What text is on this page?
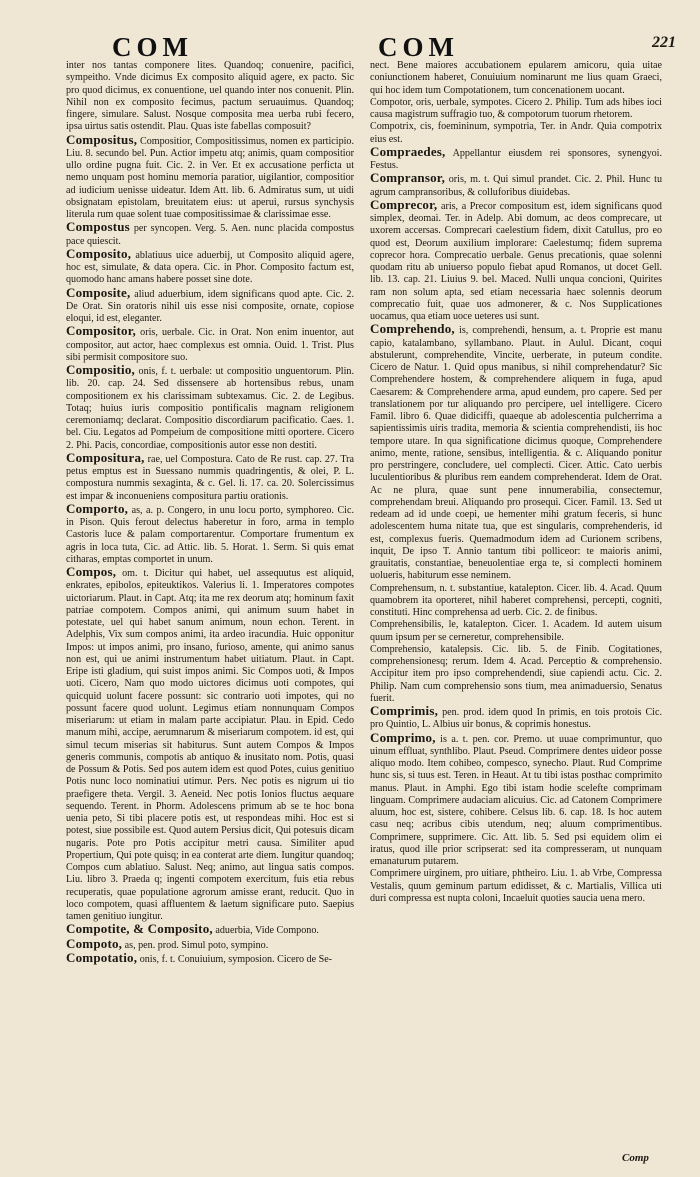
COM	COM	221

inter nos tantas componere lites. Quandoq; conuenire, pacifici, sympeitho. Vnde dicimus Ex composito aliquid agere, ex pacto. Sic pro quod dicimus, ex conuentione, uel quando inter nos conuenit. Plin. Nihil non ex composito fecimus, pactum seruauimus. Quandoq; fingere, simulare. Salust. Nosque composita mea uerba rubi fecero, ipsa uirtus satis ostendit. Plau. Quas iste fabellas composuit?

Compositus, Compositior, Compositissimus, nomen ex participio. Liu. 8. secundo bel. Pun. Actior impetu atq; animis, quam compositior ullo ordine pugna fuit. Cic. 2. in Ver. Et ex accusatione perficta ut nemo unquam post hominu memoria paratior, uigilantior, compositior ad iudicium uenisse uideatur. Idem Att. lib. 6. Admiratus sum, ut uidi obsignatam epistolam, breuitatem eius: ut aperui, rursus synchysis literula rum quae solent tuae compositissimae & clarissimae esse.

Compostus per syncopen. Verg. 5. Aen. nunc placida compostus pace quiescit.

Composito, ablatiuus uice aduerbij, ut Composito aliquid agere, hoc est, simulate, & data opera. Cic. in Phor. Composito factum est, quomodo hanc amans habere posset sine dote.

Composite, aliud aduerbium, idem significans quod apte. Cic. 2. De Orat. Sin oratoris nihil uis esse nisi composite, ornate, copiose eloqui, id est, eleganter.

Compositor, oris, uerbale. Cic. in Orat. Non enim inuentor, aut compositor, aut actor, haec complexus est omnia. Ouid. 1. Trist. Plus sibi permisit compositore suo.

Compositio, onis, f. t. uerbale: ut compositio unguentorum. Plin. lib. 20. cap. 24. Sed dissensere ab hortensibus rebus, unam compositionem ex his clarissimam subtexamus. Cic. 2. de Legibus. Totaq; huius iuris compositio pontificalis magnam religionem ceremoniamq; declarat. Compositio discordiarum pacificatio. Caes. 1. bel. Ciu. Legatos ad Pompeium de compositione mitti oportere. Cicero 2. Phi. Pacis, concordiae, compositionis autor esse non destiti.

Compositura, rae, uel Compostura. Cato de Re rust. cap. 27. Tra petus emptus est in Suessano nummis quadringentis, & olei, P. L. compostura nummis sexaginta, & c. Gel. li. 17. ca. 20. Solercissimus est impar & inconueniens compositura partiu orationis.

Comporto, as, a. p. Congero, in unu locu porto, symphoreo. Cic. in Pison. Quis ferout delectus haberetur in foro, arma in templo Castoris luce & palam comportarentur. Comportare frumentum ex agris in loca tuta, Cic. ad Attic. lib. 5. Horat. 1. Serm. Si quis emat citharas, emptas comportet in unum.

Compos, om. t. Dicitur qui habet, uel assequutus est aliquid, enkrates, epibolos, epiteuktikos. Valerius li. 1. Imperatores compotes uictoriarum. Plaut. in Capt. Atq; ita me rex deorum atq; hominum faxit patriae compotem. Compos animi, qui animum suum habet in potestate, uel qui habet sanum animum, noun echon. Terent. in Adelphis, Vix sum compos animi, ita ardeo iracundia. Huic opponitur Impos: ut impos animi, pro insano, furioso, amente, qui animo sanus non est, qui ue animi instrumentum habet uitiatum. Plaut. in Capt. Eripe isti gladium, qui suist impos animi. Sic Compos uoti, & Impos uoti. Cicero, Nam quo modo uictores dicimus uoti compotes, qui quicquid uolunt facere possunt: sic contrario uoti impotes, qui no possunt facere quod uolunt. Legimus etiam nonnunquam Compos miseriarum: ut etiam in malam parte accipiatur. Plau. in Epid. Cedo manum mihi, accipe, aerumnarum & miseriarum compotem. id est, qui simul tecum miserias sit habiturus. Sunt autem Compos & Impos generis communis, compotis ab antiquo & inusitato nom. Potis, quasi de Possum & Potis. Sed pos autem idem est quod Potes, cuius genitiuo Potis nunc loco nominatiui utimur. Pers. Nec potis es nigrum ui tio praefigere theta. Vergil. 3. Aeneid. Nec potis Ionios fluctus aequare sequendo. Terent. in Phorm. Adolescens primum ab se te hoc bona uenia peto, Si tibi placere potis est, ut respondeas mihi. Hoc est si potest, siue possibile est. Quod autem Persius dicit, Qui potesuis dicam nugaris. Pote pro Potis accipitur metri causa. Similiter apud Propertium, Qui pote quisq; in ea conterat arte diem. Iungitur quandoq; Compos cum ablatiuo. Salust. Neq; animo, aut lingua satis compos. Liu. libro 3. Praeda q; ingenti compotem exercitum, fuis etia rebus recuperatis, quae populatione agrorum amisse erant, reducit. Quo in loco compotem, quasi affluentem & laetum significare puto. Saepius tamen genitiuo iungitur.

Compotite, & Composito, aduerbia, Vide Compono.

Compoto, as, pen. prod. Simul poto, sympino.

Compotatio, onis, f. t. Conuiuium, symposion. Cicero de Se-

nect. Bene maiores accubationem epularem amicoru, quia uitae coniunctionem haberet, Conuiuium nominarunt me lius quam Graeci, qui hoc idem tum Compotationem, tum concenationem uocant.

Compotor, oris, uerbale, sympotes. Cicero 2. Philip. Tum ads hibes ioci causa magistrum suffragio tuo, & compotorum tuorum rhetorem.

Compotrix, cis, foemininum, sympotria, Ter. in Andr. Quia compotrix eius est.

Compraedes, Appellantur eiusdem rei sponsores, synengyoi. Festus.

Compransor, oris, m. t. Qui simul prandet. Cic. 2. Phil. Hunc tu agrum campransoribus, & colluforibus diuidebas.

Comprecor, aris, a Precor compositum est, idem significans quod simplex, deomai. Ter. in Adelp. Abi domum, ac deos comprecare, ut uxorem accersas. Comprecari caelestium fidem, dixit Catullus, pro eo quod est, Deorum auxilium implorare: Caelestumq; fidem suprema coprecor hora. Comprecatio uerbale. Genus precationis, quae solenni quodam ritu ab uniuerso populo fiebat apud Romanos, ut docet Gell. lib. 13. cap. 21. Liuius 9. bel. Maced. Nulli unqua concioni, Quirites ram non solum apta, sed etiam necessaria haec solennis deorum comprecatio fuit, quae uos admonerer, & c. Nos Supplicationes uocamus, qua etiam uoce ueteres usi sunt.

Comprehendo, is, comprehendi, hensum, a. t. Proprie est manu capio, katalambano, syllambano. Plaut. in Aulul. Dicant, coqui abstulerunt, comprehendite, Vincite, uerberate, in puteum condite. Cicero de Natur. 1. Quid opus manibus, si nihil comprehendatur? Sic Comprehendere hostem, & comprehendere aliquem in fuga, apud Caesarem: & Comprehendere arma, apud eundem, pro capere. Sed per translationem por tur aliquando pro percipere, uel intelligere. Cicero Famil. libro 6. Quae didiciffi, quaeque ab adolescentia pulcherrima a sapientissimis uiris tradita, memoria & scientia comprehendisti, iis hoc tempore utare. In qua significatione dicimus quoque, Comprehendere animo, mente, ratione, sensibus, intelligentia. & c. Aliquando ponitur pro perstringere, concludere, uel complecti. Cicer. Attic. Cato uerbis luculentioribus & pluribus rem eandem comprehenderat. Idem de Orat. Ac ne plura, quae sunt pene innumerabilia, consectemur, comprehendam breui. Aliquando pro prosequi. Cicer. Famil. 13. Sed ut redeam ad id unde coepi, ue hementer mihi gratum feceris, si hunc adolescentem huma nitate tua, que est singularis, comprehenderis, id est, complexus fueris. Quemadmodum idem ad Curionem scribens, inquit, De ipso T. Annio tantum tibi polliceor: te maioris animi, grauitatis, constantiae, beneuolentiae erga te, si complecti hominem uolueris, habiturum esse neminem.

Comprehensum, n. t. substantiue, katalepton. Cicer. lib. 4. Acad. Quum quamobrem ita oporteret, nihil haberet comprehensi, percepti, cogniti, constituti. Hinc comprehensa ad uerb. Cic. 2. de finibus.

Comprehensibilis, le, katalepton. Cicer. 1. Academ. Id autem uisum quum ipsum per se cerneretur, comprehensibile.

Comprehensio, katalepsis. Cic. lib. 5. de Finib. Cogitationes, comprehensionesq; rerum. Idem 4. Acad. Perceptio & comprehensio. Accipitur item pro ipso comprehendendi, siue capiendi actu. Cic. 2. Philip. Nam cum comprehensio sons tium, mea animaduersio, Senatus fuerit.

Comprimis, pen. prod. idem quod In primis, en tois protois Cic. pro Quintio, L. Albius uir bonus, & coprimis honestus.

Comprimo, is a. t. pen. cor. Premo. ut uuae comprimuntur, quo uinum effluat, synthlibo. Plaut. Pseud. Comprimere dentes uideor posse aliquo modo. Item cohibeo, compesco, synecho. Plaut. Rud Comprime hunc sis, si tuus est. Teren. in Heaut. At tu tibi istas posthac comprimito manus. Plaut. in Amphi. Ego tibi istam hodie scelefte comprimam linguam. Comprimere audaciam alicuius. Cic. ad Catonem Comprimere aluum, hoc est, sistere, cohibere. Celsus lib. 6. cap. 18. Is hoc autem casu neq; acribus cibis utendum, neq; aluum comprimentibus. Comprimere, supprimere. Cic. Att. lib. 5. Sed psi equidem olim ei iratus, quod ille prior scripserat: sed ita compresseram, ut nunquam emanaturum putarem.

Comprimere uirginem, pro uitiare, phtheiro. Liu. 1. ab Vrbe, Compressa Vestalis, quum geminum partum edidisset, & c. Martialis, Villica uti duri compressa est nupta coloni, Incaeluit quoties saucia uena mero.

Comp
